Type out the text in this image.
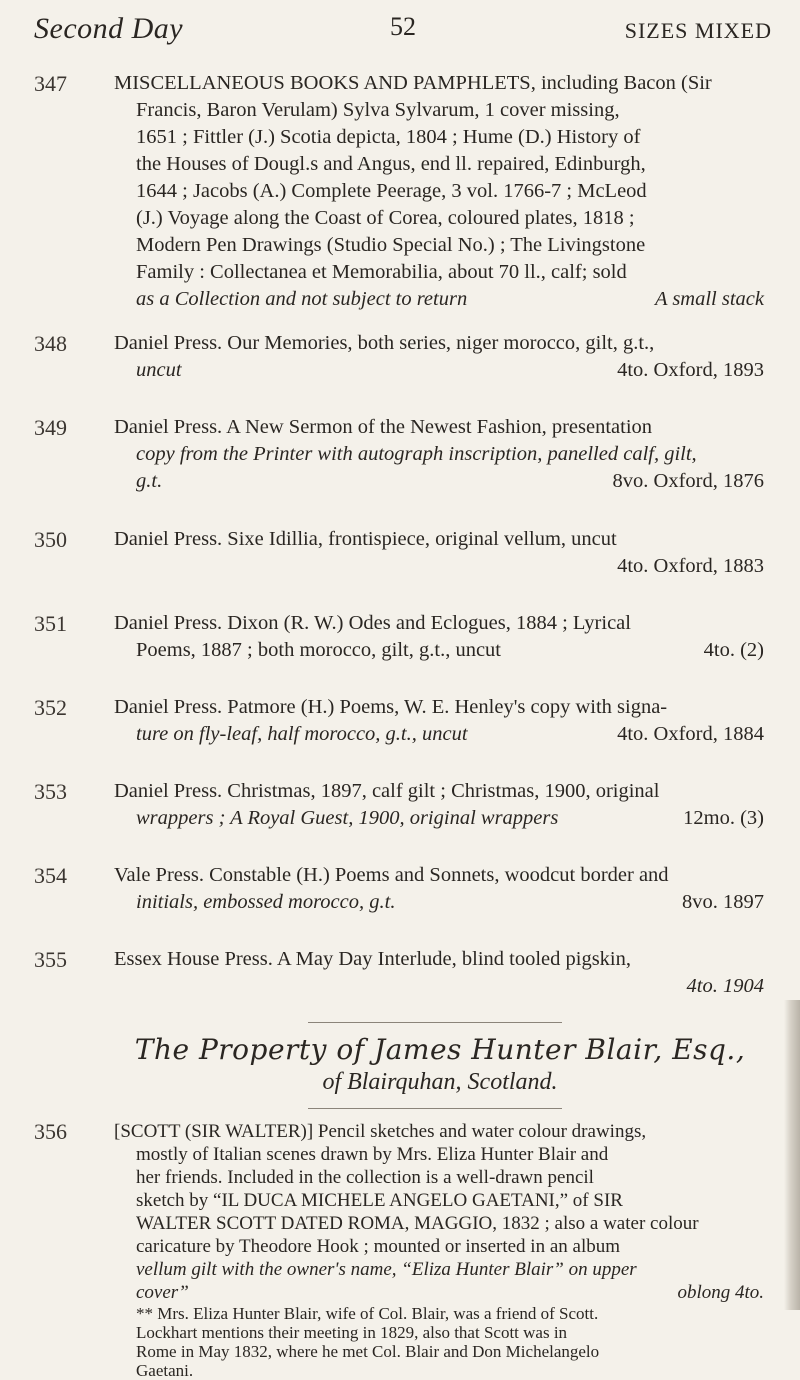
Second Day	52	SIZES MIXED
347	MISCELLANEOUS BOOKS AND PAMPHLETS, including Bacon (Sir
Francis, Baron Verulam) Sylva Sylvarum, 1 cover missing,
1651 ; Fittler (J.) Scotia depicta, 1804 ; Hume (D.) History of
the Houses of Dougl.s and Angus, end ll. repaired, Edinburgh,
1644 ; Jacobs (A.) Complete Peerage, 3 vol. 1766-7 ; McLeod
(J.) Voyage along the Coast of Corea, coloured plates, 1818 ;
Modern Pen Drawings (Studio Special No.) ; The Livingstone
Family : Collectanea et Memorabilia, about 70 ll., calf; sold
as a Collection and not subject to return	A small stack
348	Daniel Press. Our Memories, both series, niger morocco, gilt, g.t.,
uncut	4to. Oxford, 1893
349	Daniel Press. A New Sermon of the Newest Fashion, presentation
copy from the Printer with autograph inscription, panelled calf, gilt,
g.t.	8vo. Oxford, 1876
350	Daniel Press. Sixe Idillia, frontispiece, original vellum, uncut
4to. Oxford, 1883

351	Daniel Press. Dixon (R. W.) Odes and Eclogues, 1884 ; Lyrical
Poems, 1887 ; both morocco, gilt, g.t., uncut	4to. (2)
352	Daniel Press. Patmore (H.) Poems, W. E. Henley's copy with signa-
ture on fly-leaf, half morocco, g.t., uncut	4to. Oxford, 1884
353	Daniel Press. Christmas, 1897, calf gilt ; Christmas, 1900, original
wrappers ; A Royal Guest, 1900, original wrappers	12mo. (3)
354	Vale Press. Constable (H.) Poems and Sonnets, woodcut border and
initials, embossed morocco, g.t.	8vo. 1897
355	Essex House Press. A May Day Interlude, blind tooled pigskin,
4to. 1904

The Property of James Hunter Blair, Esq.,
of Blairquhan, Scotland.
356	[SCOTT (SIR WALTER)] Pencil sketches and water colour drawings,
mostly of Italian scenes drawn by Mrs. Eliza Hunter Blair and
her friends. Included in the collection is a well-drawn pencil
sketch by “IL DUCA MICHELE ANGELO GAETANI,” of SIR
WALTER SCOTT DATED ROMA, MAGGIO, 1832 ; also a water colour
caricature by Theodore Hook ; mounted or inserted in an album
vellum gilt with the owner's name, “Eliza Hunter Blair” on upper
cover”	oblong 4to.
** Mrs. Eliza Hunter Blair, wife of Col. Blair, was a friend of Scott.
Lockhart mentions their meeting in 1829, also that Scott was in
Rome in May 1832, where he met Col. Blair and Don Michelangelo
Gaetani.
